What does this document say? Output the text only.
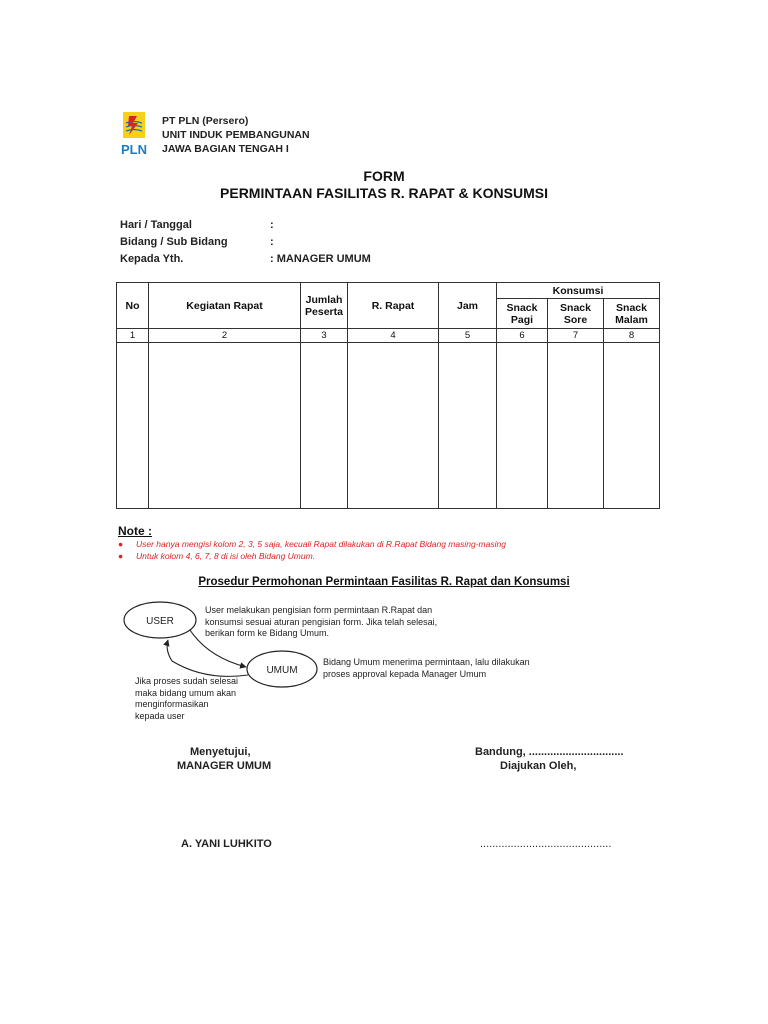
PLN
PT PLN (Persero)
UNIT INDUK PEMBANGUNAN
JAWA BAGIAN TENGAH I
FORM
PERMINTAAN FASILITAS R. RAPAT & KONSUMSI
Hari / Tanggal	:
Bidang / Sub Bidang	:
Kepada Yth.	: MANAGER UMUM
No	Kegiatan Rapat	Jumlah Peserta	R. Rapat	Jam	Konsumsi		
					Snack Pagi	Snack Sore	Snack Malam
1	2	3	4	5	6	7	8

Note :
● User hanya mengisi kolom 2, 3, 5 saja, kecuali Rapat dilakukan di R.Rapat Bidang masing-masing
● Untuk kolom 4, 6, 7, 8 di isi oleh Bidang Umum.
Prosedur Permohonan Permintaan Fasilitas R. Rapat dan Konsumsi
USER
UMUM
User melakukan pengisian form permintaan R.Rapat dan
konsumsi sesuai aturan pengisian form. Jika telah selesai,
berikan form ke Bidang Umum.
Bidang Umum menerima permintaan, lalu dilakukan
proses approval kepada Manager Umum
Jika proses sudah selesai
maka bidang umum akan
menginformasikan
kepada user
Menyetujui,
MANAGER UMUM
A. YANI LUHKITO
Bandung, ...............................
Diajukan Oleh,
...........................................
